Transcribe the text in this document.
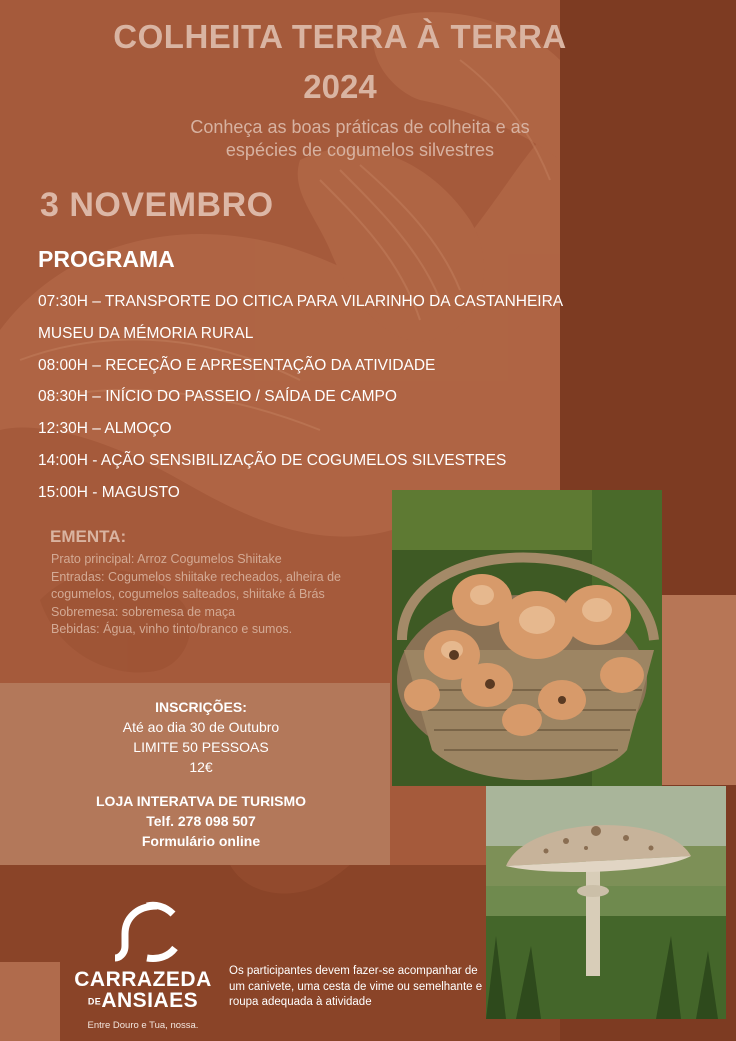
COLHEITA TERRA À TERRA
2024
Conheça as boas práticas de colheita e as
espécies de cogumelos silvestres
3 NOVEMBRO
PROGRAMA
07:30H – TRANSPORTE DO CITICA PARA VILARINHO DA CASTANHEIRA
MUSEU DA MÉMORIA RURAL
08:00H – RECEÇÃO E APRESENTAÇÃO DA ATIVIDADE
08:30H – INÍCIO DO PASSEIO / SAÍDA DE CAMPO
12:30H – ALMOÇO
14:00H - AÇÃO SENSIBILIZAÇÃO DE COGUMELOS SILVESTRES
15:00H - MAGUSTO
EMENTA:
Prato principal: Arroz Cogumelos Shiitake
Entradas: Cogumelos shiitake recheados, alheira de cogumelos, cogumelos salteados, shiitake á Brás
Sobremesa: sobremesa de maça
Bebidas: Água, vinho tinto/branco e sumos.
INSCRIÇÕES:
Até ao dia 30 de Outubro
LIMITE 50 PESSOAS
12€
LOJA INTERATVA DE TURISMO
Telf. 278 098 507
Formulário online
CARRAZEDA
DEANSIAES
Entre Douro e Tua, nossa.
Os participantes devem fazer-se acompanhar de um canivete, uma cesta de vime ou semelhante e roupa adequada à atividade
